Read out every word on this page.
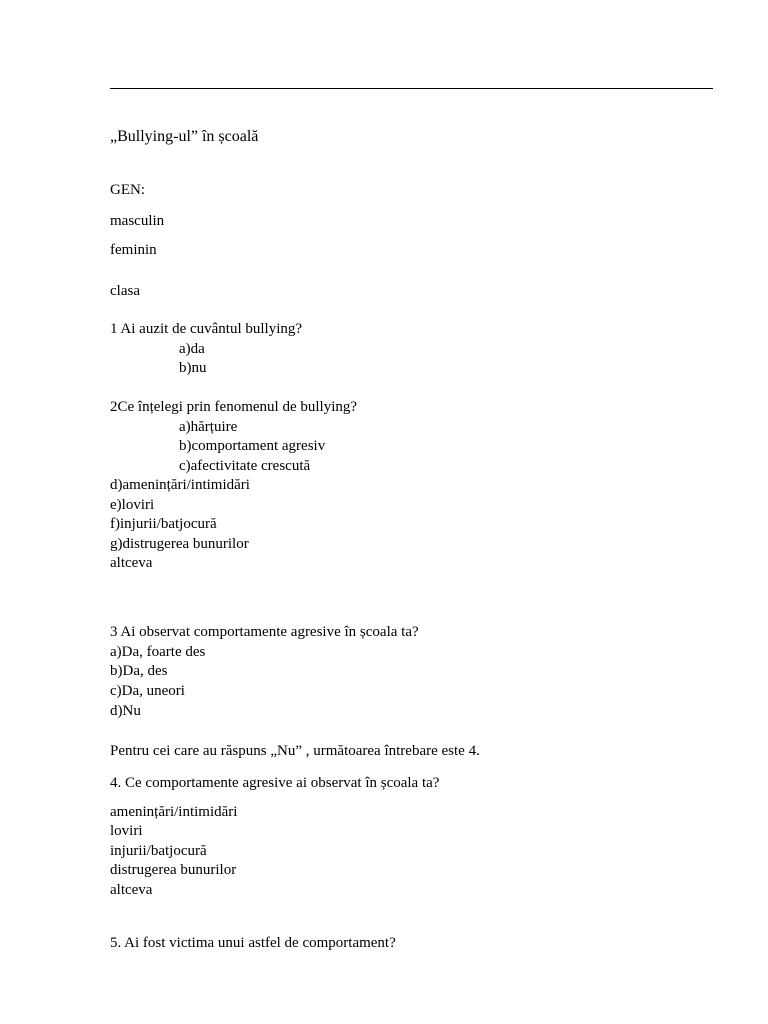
„Bullying-ul” în școală
GEN:
masculin
feminin
clasa
1 Ai auzit de cuvântul bullying?
a)da
b)nu
2Ce înțelegi prin fenomenul de bullying?
a)hărțuire
b)comportament agresiv
c)afectivitate crescută
d)amenințări/intimidări
e)loviri
f)injurii/batjocură
g)distrugerea bunurilor
altceva
3 Ai observat comportamente agresive în școala ta?
a)Da, foarte des
b)Da, des
c)Da, uneori
d)Nu
Pentru cei care au răspuns „Nu” , următoarea întrebare este 4.
4. Ce comportamente agresive ai observat în școala ta?
amenințări/intimidări
loviri
injurii/batjocură
distrugerea bunurilor
altceva
5. Ai fost victima unui astfel de comportament?
